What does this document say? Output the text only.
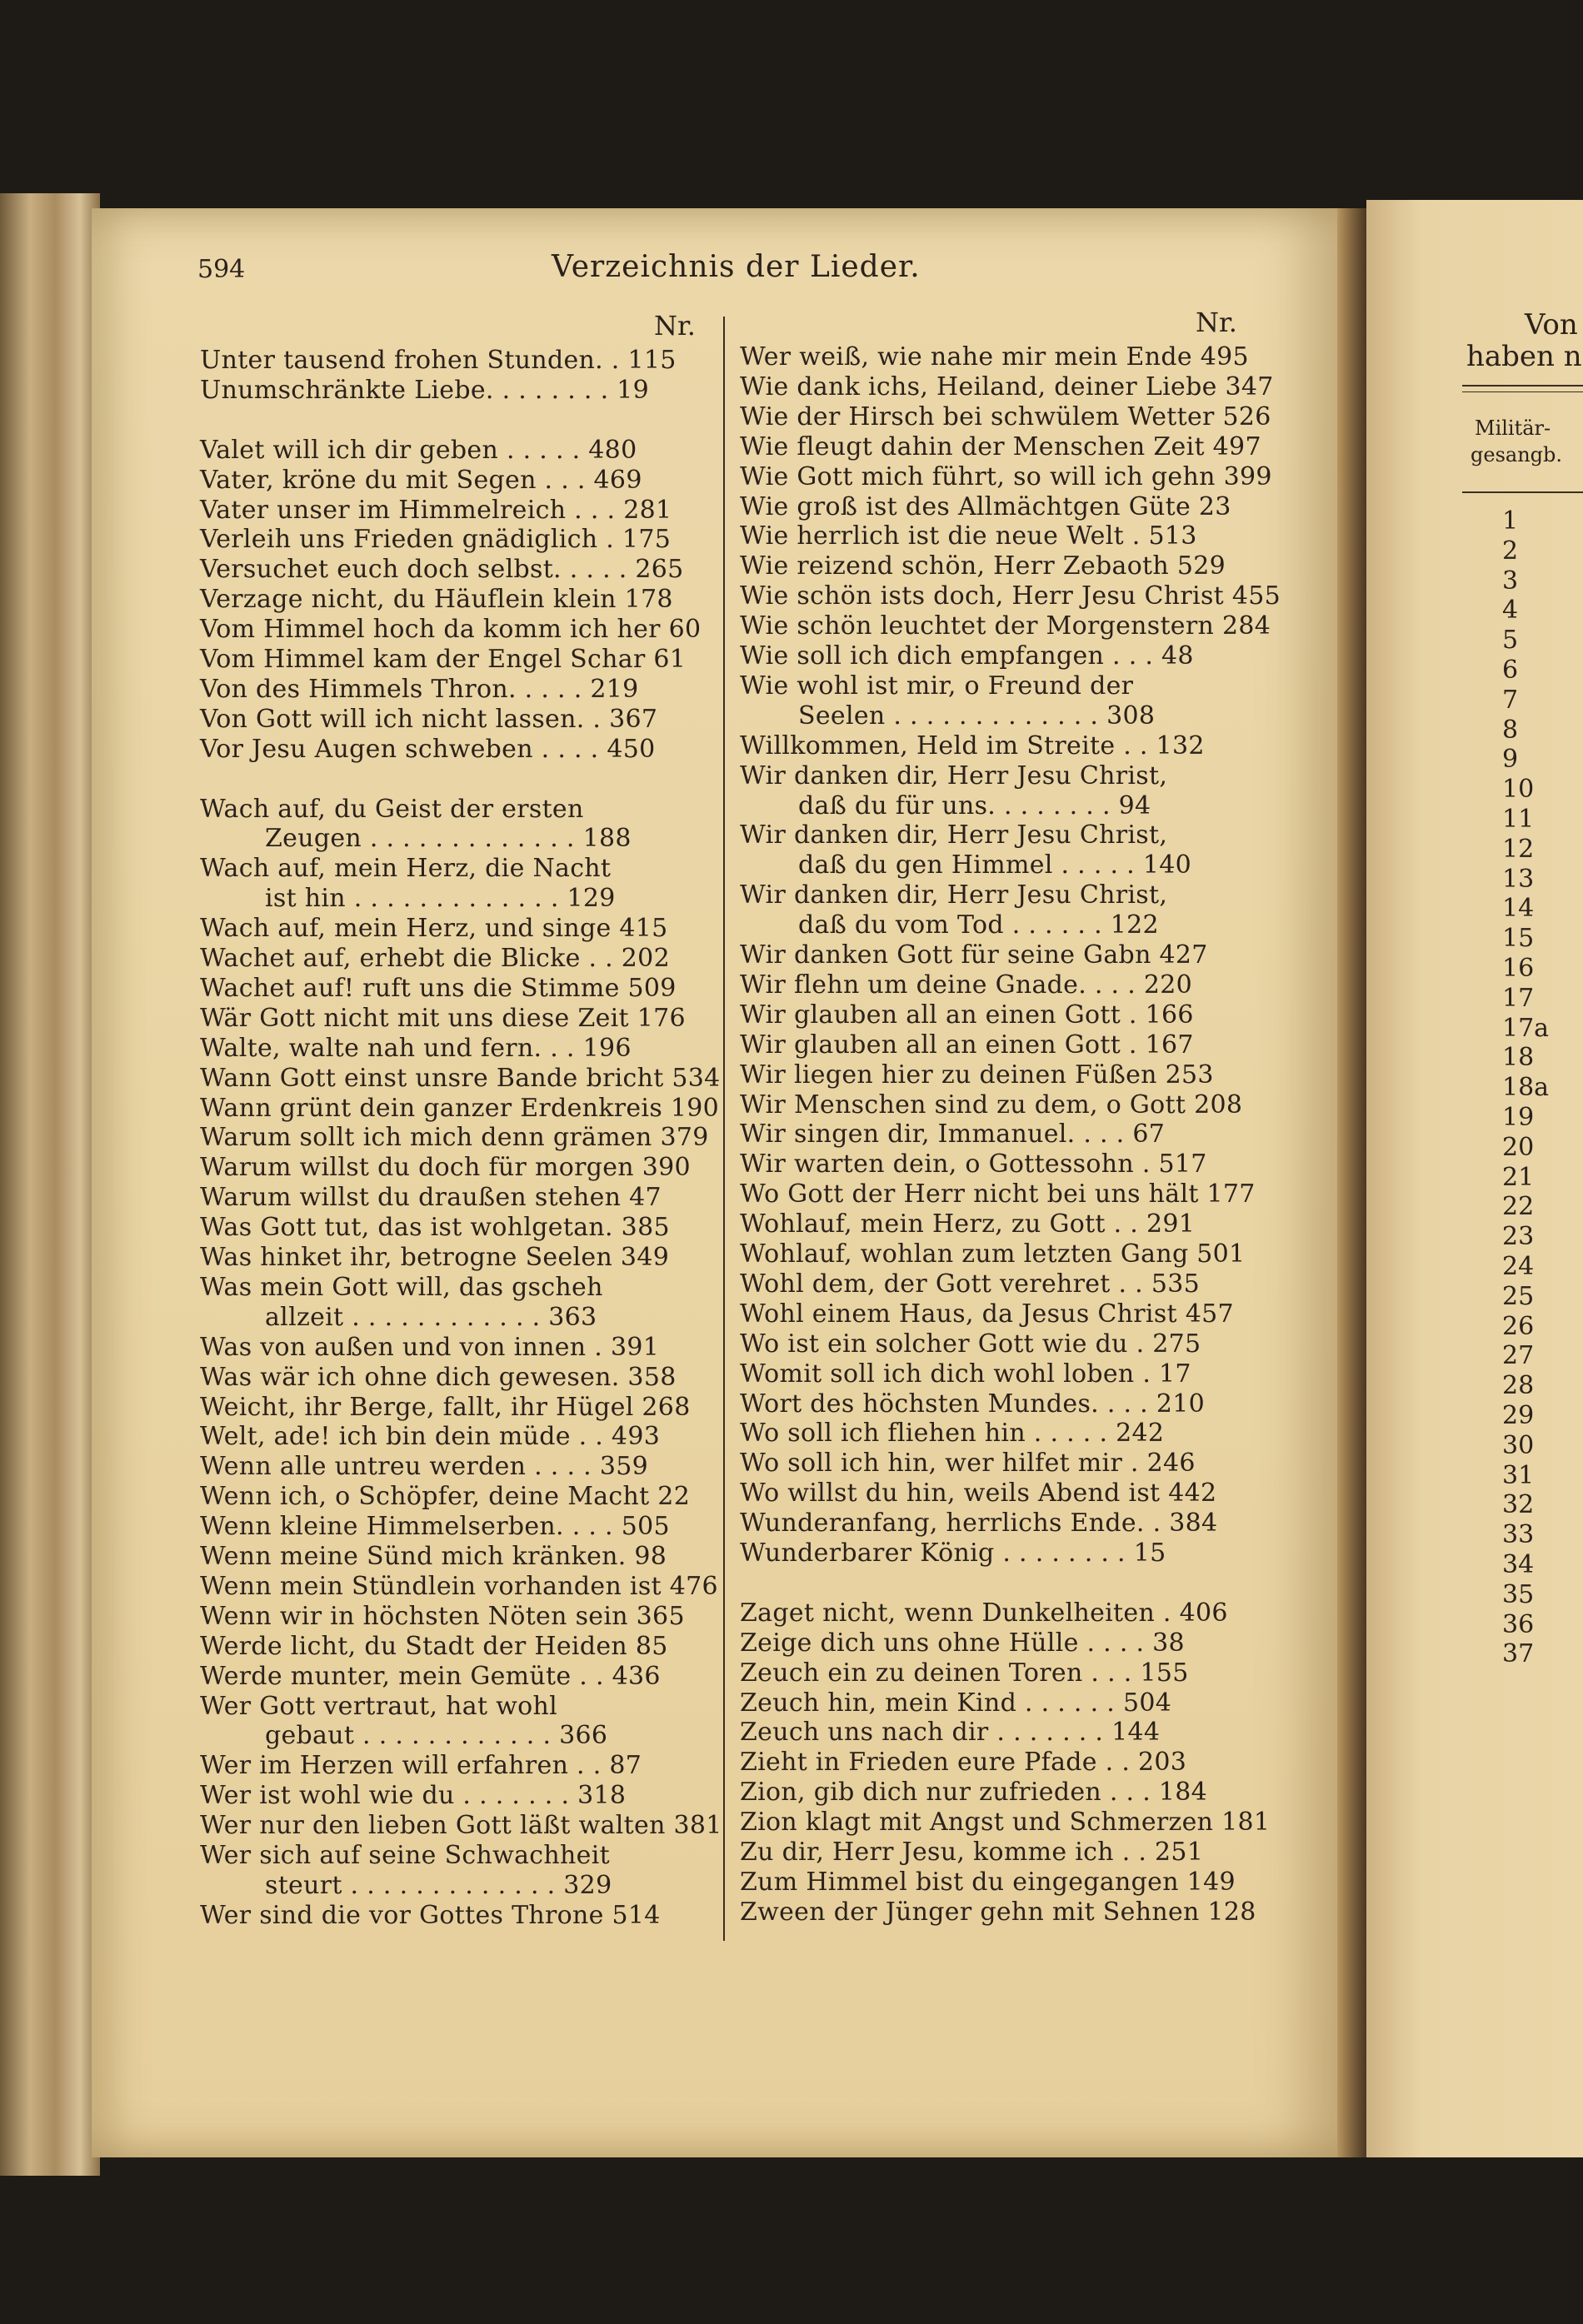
594	Verzeichnis der Lieder.
Nr.	Nr.
Unter tausend frohen Stunden. . 115
Unumschränkte Liebe. . . . . . . . 19
Valet will ich dir geben . . . . . 480
Vater, kröne du mit Segen . . . 469
Vater unser im Himmelreich . . . 281
Verleih uns Frieden gnädiglich . 175
Versuchet euch doch selbst. . . . . 265
Verzage nicht, du Häuflein klein 178
Vom Himmel hoch da komm ich her 60
Vom Himmel kam der Engel Schar 61
Von des Himmels Thron. . . . . 219
Von Gott will ich nicht lassen. . 367
Vor Jesu Augen schweben . . . . 450
Wach auf, du Geist der ersten
Zeugen . . . . . . . . . . . . . 188
Wach auf, mein Herz, die Nacht
ist hin . . . . . . . . . . . . . 129
Wach auf, mein Herz, und singe 415
Wachet auf, erhebt die Blicke . . 202
Wachet auf! ruft uns die Stimme 509
Wär Gott nicht mit uns diese Zeit 176
Walte, walte nah und fern. . . 196
Wann Gott einst unsre Bande bricht 534
Wann grünt dein ganzer Erdenkreis 190
Warum sollt ich mich denn grämen 379
Warum willst du doch für morgen 390
Warum willst du draußen stehen 47
Was Gott tut, das ist wohlgetan. 385
Was hinket ihr, betrogne Seelen 349
Was mein Gott will, das gscheh
allzeit . . . . . . . . . . . . 363
Was von außen und von innen . 391
Was wär ich ohne dich gewesen. 358
Weicht, ihr Berge, fallt, ihr Hügel 268
Welt, ade! ich bin dein müde . . 493
Wenn alle untreu werden . . . . 359
Wenn ich, o Schöpfer, deine Macht 22
Wenn kleine Himmelserben. . . . 505
Wenn meine Sünd mich kränken. 98
Wenn mein Stündlein vorhanden ist 476
Wenn wir in höchsten Nöten sein 365
Werde licht, du Stadt der Heiden 85
Werde munter, mein Gemüte . . 436
Wer Gott vertraut, hat wohl
gebaut . . . . . . . . . . . . 366
Wer im Herzen will erfahren . . 87
Wer ist wohl wie du . . . . . . . 318
Wer nur den lieben Gott läßt walten 381
Wer sich auf seine Schwachheit
steurt . . . . . . . . . . . . . 329
Wer sind die vor Gottes Throne 514
Wer weiß, wie nahe mir mein Ende 495
Wie dank ichs, Heiland, deiner Liebe 347
Wie der Hirsch bei schwülem Wetter 526
Wie fleugt dahin der Menschen Zeit 497
Wie Gott mich führt, so will ich gehn 399
Wie groß ist des Allmächtgen Güte 23
Wie herrlich ist die neue Welt . 513
Wie reizend schön, Herr Zebaoth 529
Wie schön ists doch, Herr Jesu Christ 455
Wie schön leuchtet der Morgenstern 284
Wie soll ich dich empfangen . . . 48
Wie wohl ist mir, o Freund der
Seelen . . . . . . . . . . . . . 308
Willkommen, Held im Streite . . 132
Wir danken dir, Herr Jesu Christ,
daß du für uns. . . . . . . . 94
Wir danken dir, Herr Jesu Christ,
daß du gen Himmel . . . . . 140
Wir danken dir, Herr Jesu Christ,
daß du vom Tod . . . . . . 122
Wir danken Gott für seine Gabn 427
Wir flehn um deine Gnade. . . . 220
Wir glauben all an einen Gott . 166
Wir glauben all an einen Gott . 167
Wir liegen hier zu deinen Füßen 253
Wir Menschen sind zu dem, o Gott 208
Wir singen dir, Immanuel. . . . 67
Wir warten dein, o Gottessohn . 517
Wo Gott der Herr nicht bei uns hält 177
Wohlauf, mein Herz, zu Gott . . 291
Wohlauf, wohlan zum letzten Gang 501
Wohl dem, der Gott verehret . . 535
Wohl einem Haus, da Jesus Christ 457
Wo ist ein solcher Gott wie du . 275
Womit soll ich dich wohl loben . 17
Wort des höchsten Mundes. . . . 210
Wo soll ich fliehen hin . . . . . 242
Wo soll ich hin, wer hilfet mir . 246
Wo willst du hin, weils Abend ist 442
Wunderanfang, herrlichs Ende. . 384
Wunderbarer König . . . . . . . . 15
Zaget nicht, wenn Dunkelheiten . 406
Zeige dich uns ohne Hülle . . . . 38
Zeuch ein zu deinen Toren . . . 155
Zeuch hin, mein Kind . . . . . . 504
Zeuch uns nach dir . . . . . . . 144
Zieht in Frieden eure Pfade . . 203
Zion, gib dich nur zufrieden . . . 184
Zion klagt mit Angst und Schmerzen 181
Zu dir, Herr Jesu, komme ich . . 251
Zum Himmel bist du eingegangen 149
Zween der Jünger gehn mit Sehnen 128
Von
haben n
Militär-
gesangb.
1
2
3
4
5
6
7
8
9
10
11
12
13
14
15
16
17
17a
18
18a
19
20
21
22
23
24
25
26
27
28
29
30
31
32
33
34
35
36
37
